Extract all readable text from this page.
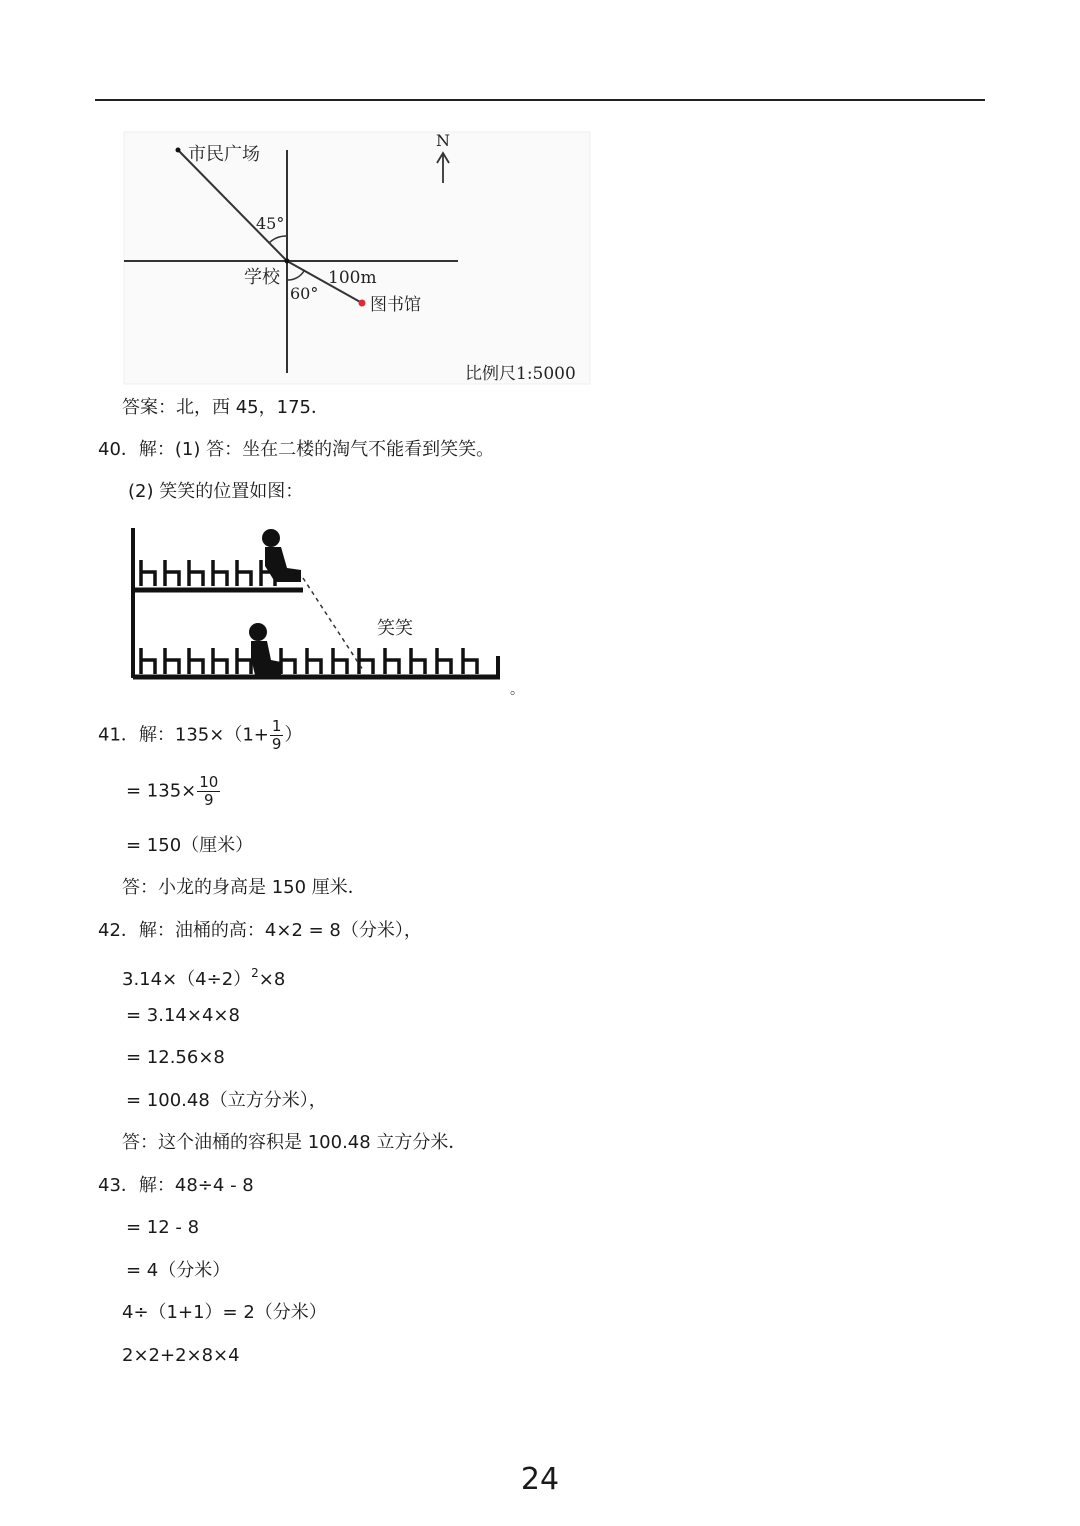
市民广场
45°
学校	100m
60°
图书馆
N
比例尺1:5000
答案：北，西 45，175．
40．解：(1) 答：坐在二楼的淘气不能看到笑笑。
(2) 笑笑的位置如图：
笑笑
。
41．解：$135\times(1+ \frac{1}{9}$ ）
= $135\times \frac{10}{9}$
= 150（厘米）
答：小龙的身高是 150 厘米．
42．解：油桶的高：4×2 = 8（分米），
$3.14\times(4\div 2)^2\times 8$
= 3.14×4×8
= 12.56×8
= 100.48（立方分米），
答：这个油桶的容积是 100.48 立方分米．
43．解：48÷4 - 8
= 12 - 8
= 4（分米）
4÷（1+1）= 2（分米）
2×2+2×8×4
24
